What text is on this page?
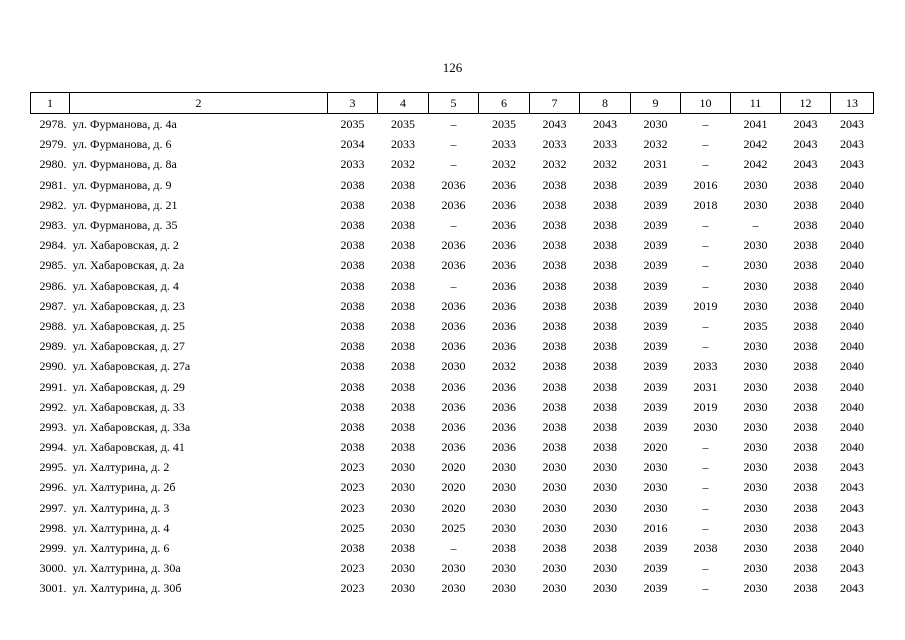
126
1	2	3	4	5	6	7	8	9	10	11	12	13
2978.	ул. Фурманова, д. 4а	2035	2035	–	2035	2043	2043	2030	–	2041	2043	2043
2979.	ул. Фурманова, д. 6	2034	2033	–	2033	2033	2033	2032	–	2042	2043	2043
2980.	ул. Фурманова, д. 8а	2033	2032	–	2032	2032	2032	2031	–	2042	2043	2043
2981.	ул. Фурманова, д. 9	2038	2038	2036	2036	2038	2038	2039	2016	2030	2038	2040
2982.	ул. Фурманова, д. 21	2038	2038	2036	2036	2038	2038	2039	2018	2030	2038	2040
2983.	ул. Фурманова, д. 35	2038	2038	–	2036	2038	2038	2039	–	–	2038	2040
2984.	ул. Хабаровская, д. 2	2038	2038	2036	2036	2038	2038	2039	–	2030	2038	2040
2985.	ул. Хабаровская, д. 2а	2038	2038	2036	2036	2038	2038	2039	–	2030	2038	2040
2986.	ул. Хабаровская, д. 4	2038	2038	–	2036	2038	2038	2039	–	2030	2038	2040
2987.	ул. Хабаровская, д. 23	2038	2038	2036	2036	2038	2038	2039	2019	2030	2038	2040
2988.	ул. Хабаровская, д. 25	2038	2038	2036	2036	2038	2038	2039	–	2035	2038	2040
2989.	ул. Хабаровская, д. 27	2038	2038	2036	2036	2038	2038	2039	–	2030	2038	2040
2990.	ул. Хабаровская, д. 27а	2038	2038	2030	2032	2038	2038	2039	2033	2030	2038	2040
2991.	ул. Хабаровская, д. 29	2038	2038	2036	2036	2038	2038	2039	2031	2030	2038	2040
2992.	ул. Хабаровская, д. 33	2038	2038	2036	2036	2038	2038	2039	2019	2030	2038	2040
2993.	ул. Хабаровская, д. 33а	2038	2038	2036	2036	2038	2038	2039	2030	2030	2038	2040
2994.	ул. Хабаровская, д. 41	2038	2038	2036	2036	2038	2038	2020	–	2030	2038	2040
2995.	ул. Халтурина, д. 2	2023	2030	2020	2030	2030	2030	2030	–	2030	2038	2043
2996.	ул. Халтурина, д. 2б	2023	2030	2020	2030	2030	2030	2030	–	2030	2038	2043
2997.	ул. Халтурина, д. 3	2023	2030	2020	2030	2030	2030	2030	–	2030	2038	2043
2998.	ул. Халтурина, д. 4	2025	2030	2025	2030	2030	2030	2016	–	2030	2038	2043
2999.	ул. Халтурина, д. 6	2038	2038	–	2038	2038	2038	2039	2038	2030	2038	2040
3000.	ул. Халтурина, д. 30а	2023	2030	2030	2030	2030	2030	2039	–	2030	2038	2043
3001.	ул. Халтурина, д. 30б	2023	2030	2030	2030	2030	2030	2039	–	2030	2038	2043
